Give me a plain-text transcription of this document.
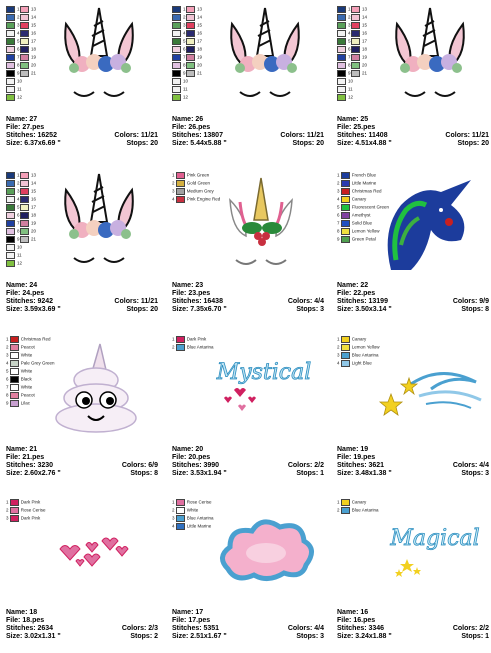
1	13
2	14
3	15
4	16
5	17
6	18
7	19
8	20
9	21
10
11
12
Name: 27
File: 27.pes
Stitches: 16252	Colors: 11/21
Size: 6.37x6.69 "	Stops: 20
1	13
2	14
3	15
4	16
5	17
6	18
7	19
8	20
9	21
10
11
12
Name: 26
File: 26.pes
Stitches: 13807	Colors: 11/21
Size: 5.44x5.88 "	Stops: 20
1	13
2	14
3	15
4	16
5	17
6	18
7	19
8	20
9	21
10
11
12
Name: 25
File: 25.pes
Stitches: 11408	Colors: 11/21
Size: 4.51x4.88 "	Stops: 20
1	13
2	14
3	15
4	16
5	17
6	18
7	19
8	20
9	21
10
11
12
Name: 24
File: 24.pes
Stitches: 9242	Colors: 11/21
Size: 3.59x3.69 "	Stops: 20
1 Pink Green
2 Gold Green
3 Medium Grey
4 Pink Engine Red
Name: 23
File: 23.pes
Stitches: 16438	Colors: 4/4
Size: 7.35x6.70 "	Stops: 3
1 French Blue
2 Little Marine
3 Christmas Red
4 Canary
5 Fluorescent Green
6 Amethyst
7 Solid Blue
8 Lemon Yellow
9 Green Petal
Name: 22
File: 22.pes
Stitches: 13199	Colors: 9/9
Size: 3.50x3.14 "	Stops: 8
1 Christmas Red
2 Peacot
3 White
4 Pale Grey Green
5 White
6 Black
7 White
8 Peacot
9 Lilac
Name: 21
File: 21.pes
Stitches: 3230	Colors: 6/9
Size: 2.60x2.76 "	Stops: 8
1 Dark Pink
2 Blue Antarina
Mystical
Name: 20
File: 20.pes
Stitches: 3990	Colors: 2/2
Size: 3.53x1.94 "	Stops: 1
1 Canary
2 Lemon Yellow
3 Blue Antarina
4 Light Blue
Name: 19
File: 19.pes
Stitches: 3621	Colors: 4/4
Size: 3.48x1.38 "	Stops: 3
1 Dark Pink
2 Rose Cerise
3 Dark Pink
Name: 18
File: 18.pes
Stitches: 2634	Colors: 2/3
Size: 3.02x1.31 "	Stops: 2
1 Rose Cerise
2 White
3 Blue Antarina
4 Little Marine
Name: 17
File: 17.pes
Stitches: 5351	Colors: 4/4
Size: 2.51x1.67 "	Stops: 3
1 Canary
2 Blue Antarina
Magical
Name: 16
File: 16.pes
Stitches: 3346	Colors: 2/2
Size: 3.24x1.88 "	Stops: 1
